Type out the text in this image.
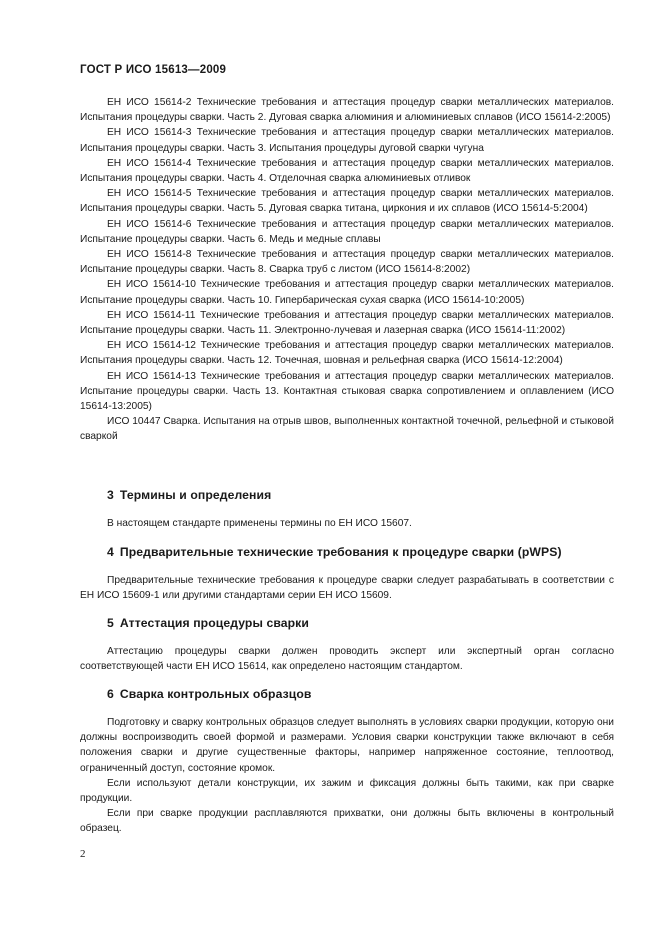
ГОСТ Р ИСО 15613—2009

ЕН ИСО 15614-2 Технические требования и аттестация процедур сварки металлических материалов. Испытания процедуры сварки. Часть 2. Дуговая сварка алюминия и алюминиевых сплавов (ИСО 15614-2:2005)

ЕН ИСО 15614-3 Технические требования и аттестация процедур сварки металлических материалов. Испытания процедуры сварки. Часть 3. Испытания процедуры дуговой сварки чугуна

ЕН ИСО 15614-4 Технические требования и аттестация процедур сварки металлических материалов. Испытания процедуры сварки. Часть 4. Отделочная сварка алюминиевых отливок

ЕН ИСО 15614-5 Технические требования и аттестация процедур сварки металлических материалов. Испытания процедуры сварки. Часть 5. Дуговая сварка титана, циркония и их сплавов (ИСО 15614-5:2004)

ЕН ИСО 15614-6 Технические требования и аттестация процедур сварки металлических материалов. Испытание процедуры сварки. Часть 6. Медь и медные сплавы

ЕН ИСО 15614-8 Технические требования и аттестация процедур сварки металлических материалов. Испытание процедуры сварки. Часть 8. Сварка труб с листом (ИСО 15614-8:2002)

ЕН ИСО 15614-10 Технические требования и аттестация процедур сварки металлических материалов. Испытание процедуры сварки. Часть 10. Гипербарическая сухая сварка (ИСО 15614-10:2005)

ЕН ИСО 15614-11 Технические требования и аттестация процедур сварки металлических материалов. Испытание процедуры сварки. Часть 11. Электронно-лучевая и лазерная сварка (ИСО 15614-11:2002)

ЕН ИСО 15614-12 Технические требования и аттестация процедур сварки металлических материалов. Испытания процедуры сварки. Часть 12. Точечная, шовная и рельефная сварка (ИСО 15614-12:2004)

ЕН ИСО 15614-13 Технические требования и аттестация процедур сварки металлических материалов. Испытание процедуры сварки. Часть 13. Контактная стыковая сварка сопротивлением и оплавлением (ИСО 15614-13:2005)

ИСО 10447 Сварка. Испытания на отрыв швов, выполненных контактной точечной, рельефной и стыковой сваркой

3 Термины и определения

В настоящем стандарте применены термины по ЕН ИСО 15607.

4 Предварительные технические требования к процедуре сварки (pWPS)

Предварительные технические требования к процедуре сварки следует разрабатывать в соответствии с ЕН ИСО 15609-1 или другими стандартами серии ЕН ИСО 15609.

5 Аттестация процедуры сварки

Аттестацию процедуры сварки должен проводить эксперт или экспертный орган согласно соответствующей части ЕН ИСО 15614, как определено настоящим стандартом.

6 Сварка контрольных образцов

Подготовку и сварку контрольных образцов следует выполнять в условиях сварки продукции, которую они должны воспроизводить своей формой и размерами. Условия сварки конструкции также включают в себя положения сварки и другие существенные факторы, например напряженное состояние, теплоотвод, ограниченный доступ, состояние кромок.

Если используют детали конструкции, их зажим и фиксация должны быть такими, как при сварке продукции.

Если при сварке продукции расплавляются прихватки, они должны быть включены в контрольный образец.

2
